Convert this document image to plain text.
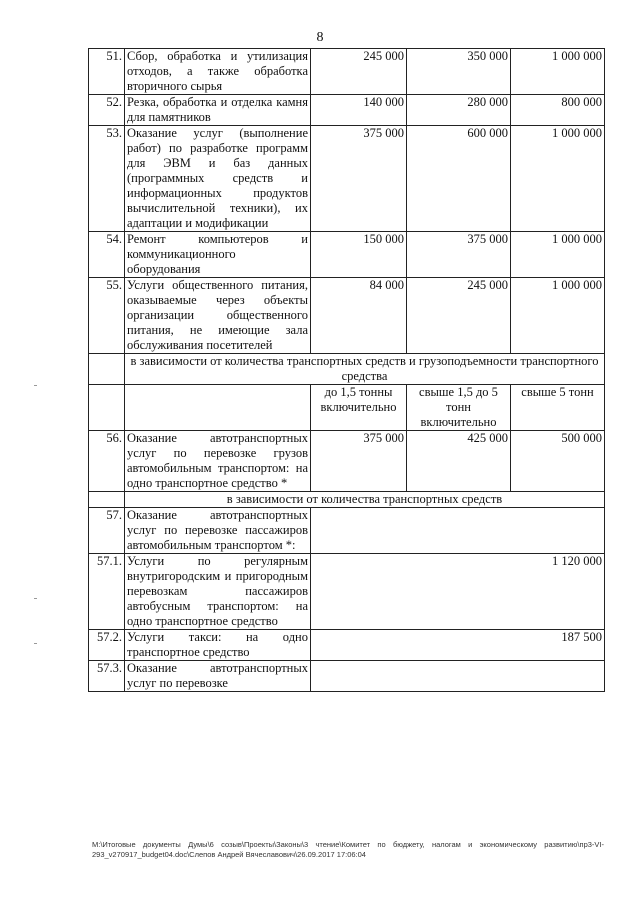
8
51.	Сбор, обработка и утилизация отходов, а также обработка вторичного сырья	245 000	350 000	1 000 000
52.	Резка, обработка и отделка камня для памятников	140 000	280 000	800 000
53.	Оказание услуг (выполнение работ) по разработке программ для ЭВМ и баз данных (программных средств и информационных продуктов вычислительной техники), их адаптации и модификации	375 000	600 000	1 000 000
54.	Ремонт компьютеров и коммуникационного оборудования	150 000	375 000	1 000 000
55.	Услуги общественного питания, оказываемые через объекты организации общественного питания, не имеющие зала обслуживания посетителей	84 000	245 000	1 000 000
	в зависимости от количества транспортных средств и грузоподъемности транспортного средства			
		до 1,5 тонны включительно	свыше 1,5 до 5 тонн включительно	свыше 5 тонн
56.	Оказание автотранспортных услуг по перевозке грузов автомобильным транспортом: на одно транспортное средство *	375 000	425 000	500 000
	в зависимости от количества транспортных средств			
57.	Оказание автотранспортных услуг по перевозке пассажиров автомобильным транспортом *:			
57.1.	Услуги по регулярным внутригородским и пригородным перевозкам пассажиров автобусным транспортом: на одно транспортное средство	1 120 000		
57.2.	Услуги такси: на одно транспортное средство	187 500		
57.3.	Оказание автотранспортных услуг по перевозке			
М:\Итоговые документы Думы\6 созыв\Проекты\Законы\3 чтение\Комитет по бюджету, налогам и экономическому развитию\пр3-VI-293_v270917_budget04.doc\Слепов Андрей Вячеславович\26.09.2017 17:06:04
